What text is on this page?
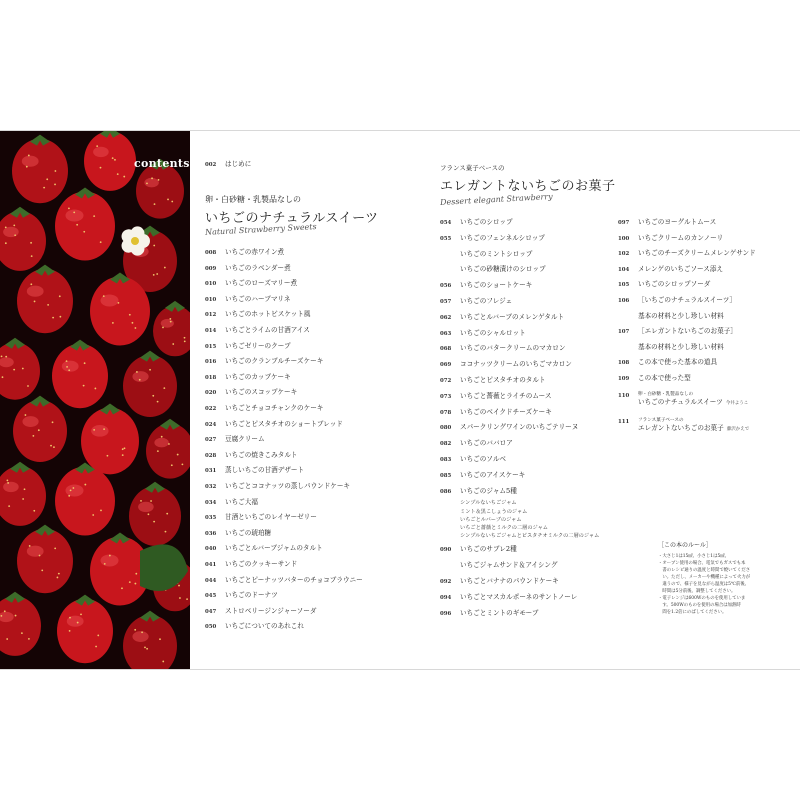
contents	002 はじめに
卵・白砂糖・乳製品なしの
いちごのナチュラルスイーツ
Natural Strawberry Sweets
008 いちごの赤ワイン煮
009 いちごのラベンダー煮
010 いちごのローズマリー煮
010 いちごのハーブマリネ
012 いちごのホットビスケット風
014 いちごとライムの甘酒アイス
015 いちごゼリーのクープ
016 いちごのクランブルチーズケーキ
018 いちごのカップケーキ
020 いちごのスコップケーキ
022 いちごとチョコチャンクのケーキ
024 いちごとピスタチオのショートブレッド
027 豆腐クリーム
028 いちごの焼きこみタルト
031 蒸しいちごの甘酒デザート
032 いちごとココナッツの蒸しパウンドケーキ
034 いちご大福
035 甘酒といちごのレイヤーゼリー
036 いちごの琥珀糖
040 いちごとルバーブジャムのタルト
041 いちごのクッキーサンド
044 いちごとピーナッツバターのチョコブラウニー
045 いちごのドーナツ
047 ストロベリージンジャーソーダ
050 いちごについてのあれこれ
フランス菓子ベースの
エレガントないちごのお菓子
Dessert elegant Strawberry
054 いちごのシロップ
055 いちごのフェンネルシロップ
いちごのミントシロップ
いちごの砂糖漬けのシロップ
056 いちごのショートケーキ
057 いちごのフレジェ
062 いちごとルバーブのメレンゲタルト
063 いちごのシャルロット
068 いちごのバタークリームのマカロン
069 ココナッツクリームのいちごマカロン
072 いちごとピスタチオのタルト
073 いちごと薔薇とライチのムース
078 いちごのベイクドチーズケーキ
080 スパークリングワインのいちごテリーヌ
082 いちごのババロア
083 いちごのソルベ
085 いちごのアイスケーキ
086 いちごのジャム5種
シンプルないちごジャム
ミント＆黒こしょうのジャム
いちごとルバーブのジャム
いちごと薔薇とミルクの二層のジャム
シンプルないちごジャムとピスタチオミルクの二層のジャム
090 いちごのサブレ2種
いちごジャムサンド＆アイシング
092 いちごとバナナのパウンドケーキ
094 いちごとマスカルポーネのサントノーレ
096 いちごとミントのギモーブ
097 いちごのヨーグルトムース
100 いちごクリームのカンノーリ
102 いちごのチーズクリームメレンゲサンド
104 メレンゲのいちごソース添え
105 いちごのシロップソーダ
106 ［いちごのナチュラルスイーツ］
基本の材料と少し珍しい材料
107 ［エレガントないちごのお菓子］
基本の材料と少し珍しい材料
108 この本で使った基本の道具
109 この本で使った型
110 卵・白砂糖・乳製品なしの
いちごのナチュラルスイーツ 今井ようこ
111 フランス菓子ベースの
エレガントないちごのお菓子 藤沢かえで
［この本のルール］
・大さじ1は15㎖、小さじ1は5㎖。
・オーブン使用の場合、電気でもガスでも本
　書のレシピ通りの温度と時間で焼いてくださ
　い。ただし、メーカーや機種によって火力が
　違うので、様子を見ながら温度は5℃前後、
　時間は5分前後、調整してください。
・電子レンジは600Wのものを使用していま
　す。500Wのものを使用の場合は加熱時
　間を1.2倍にのばしてください。
